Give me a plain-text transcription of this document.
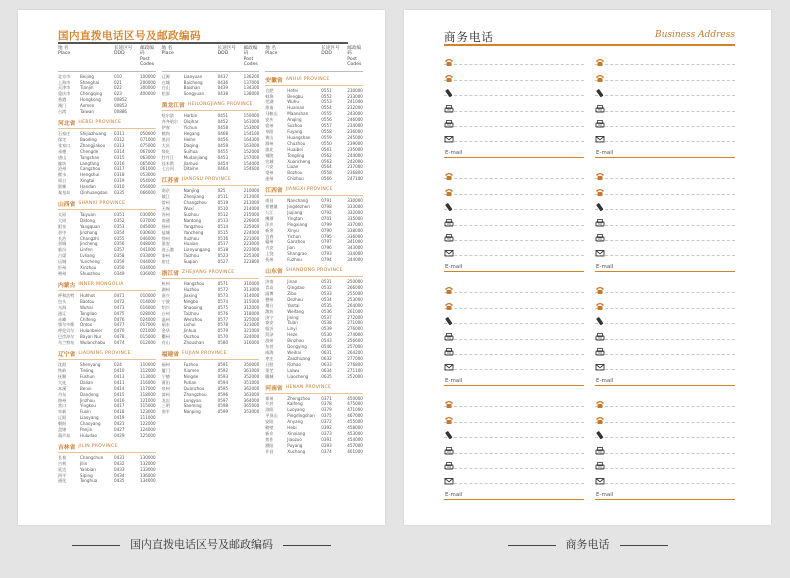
国内直拨电话区号及邮政编码
地 名
Place
长途区号
DDD
邮政编码
Post Codes
北京市	Beijing	010	100000
上海市	Shanghai	021	200000
天津市	Tianjin	022	300000
重庆市	Chongqing	023	400000
香港	Hongkong	00852
澳门	Aomen	00853
台湾	Taiwan	00886
河北省 HEBEI PROVINCE
石家庄	Shijiazhuang	0311	050000
保定	Baoding	0312	071000
张家口	Zhangjiakou	0313	075000
承德	Chengde	0314	067000
唐山	Tangshan	0315	063000
廊坊	Langfang	0316	065000
沧州	Cangzhou	0317	061000
衡水	Hengshui	0318	053000
邢台	Xingtai	0319	054000
邯郸	Handan	0310	056000
秦皇岛	Qinhuangdao	0335	066000
山西省 SHANXI PROVINCE
太原	Taiyuan	0351	030000
大同	Datong	0352	037000
阳泉	Yangquan	0353	045000
晋中	Jinzhong	0354	030600
长治	Changzhi	0355	046000
晋城	Jincheng	0356	048000
临汾	Linfen	0357	041000
吕梁	Lvliang	0358	033000
运城	Yuncheng	0359	044000
忻州	Xinzhou	0350	034000
朔州	Shuozhou	0349	036000
内蒙古 INNER MONGOLIA
呼和浩特	Huhhot	0471	010000
包头	Baotou	0472	014000
乌海	Wuhai	0473	016000
通辽	Tongliao	0475	028000
赤峰	Chifeng	0476	024000
鄂尔多斯	Ordos	0477	017000
呼伦贝尔	Hulunbeier	0470	021000
巴彦淖尔	Bayan Nur	0478	015000
乌兰察布	Wulanchabu	0474	012000
辽宁省 LIAONING PROVINCE
沈阳	Shenyang	024	110000
铁岭	Tieling	0410	112000
抚顺	Fushun	0413	113000
大连	Dalian	0411	116000
本溪	Benxi	0414	117000
丹东	Dandong	0415	118000
锦州	Jinzhou	0416	121000
营口	Yingkou	0417	115000
阜新	Fuxin	0418	123000
辽阳	Liaoyang	0419	111000
朝阳	Chaoyang	0421	122000
盘锦	Panjin	0427	124000
葫芦岛	Huludao	0429	125000
吉林省 JILIN PROVINCE
长春	Changchun	0431	130000
吉林	Jilin	0432	132000
延边	Yanbian	0433	133000
四平	Siping	0434	136000
通化	Tonghua	0435	134000
地 名
Place
长途区号
DDD
邮政编码
Post Codes
辽源	Liaoyuan	0437	136200
白城	Baicheng	0436	137000
白山	Baishan	0439	134300
松原	Songyuan	0438	138000
黑龙江省 HEILONGJIANG PROVINCE
哈尔滨	Harbin	0451	150000
齐齐哈尔	Qiqihar	0452	161000
伊春	Yichun	0458	153000
鹤岗	Hegang	0468	154100
黑河	Heihe	0456	164300
大庆	Daqing	0459	163000
绥化	Suihua	0455	152000
牡丹江	Mudanjiang	0453	157000
佳木斯	Jiamusi	0454	154000
七台河	Qitaihe	0464	154600
江苏省 JIANGSU PROVINCE
南京	Nanjing	025	210000
镇江	Zhenjiang	0511	212000
常州	Changzhou	0519	213000
无锡	Wuxi	0510	214000
苏州	Suzhou	0512	215000
南通	Nantong	0513	226000
扬州	Yangzhou	0514	225000
盐城	Yancheng	0515	224000
徐州	Xuzhou	0516	221000
淮安	Huaian	0517	223000
连云港	Lianyungang	0518	222000
泰州	Taizhou	0523	225300
宿迁	Suqian	0527	223800
浙江省 ZHEJIANG PROVINCE
杭州	Hangzhou	0571	310000
湖州	Huzhou	0572	313000
嘉兴	Jiaxing	0573	314000
宁波	Ningbo	0574	315000
绍兴	Shaoxing	0575	312000
台州	Taizhou	0576	318000
温州	Wenzhou	0577	325000
丽水	Lishui	0578	323000
金华	Jinhua	0579	321000
衢州	Quzhou	0570	324000
舟山	Zhoushan	0580	316000
福建省 FUJIAN PROVINCE
福州	Fuzhou	0591	350000
厦门	Xiamen	0592	361000
宁德	Ningde	0593	352000
莆田	Putian	0594	351000
泉州	Quanzhou	0595	362000
漳州	Zhangzhou	0596	363000
龙岩	Longyan	0597	364000
三明	Sanming	0598	365000
南平	Nanping	0599	353000
地 名
Place
长途区号
DDD
邮政编码
Post Codes
安徽省 ANHUI PROVINCE
合肥	Hefei	0551	230000
蚌埠	Bengbu	0552	233000
芜湖	Wuhu	0553	241000
淮南	Huainan	0554	232000
马鞍山	Maanshan	0555	243000
安庆	Anqing	0556	246000
宿州	Suzhou	0557	234000
阜阳	Fuyang	0558	236000
黄山	Huangshan	0559	245000
滁州	Chuzhou	0550	239000
淮北	Huaibei	0561	235000
铜陵	Tongling	0562	244000
宣城	Xuancheng	0563	242000
六安	Liuan	0564	237000
亳州	Bozhou	0558	236800
池州	Chizhou	0566	247100
江西省 JIANGXI PROVINCE
南昌	Nanchang	0791	330000
景德镇	Jingdezhen	0798	333000
九江	Jiujiang	0792	332000
鹰潭	Yingtan	0701	335000
萍乡	Pingxiang	0799	337000
新余	Xinyu	0790	338000
宜春	Yichun	0795	336000
赣州	Ganzhou	0797	341000
吉安	Jian	0796	343000
上饶	Shangrao	0793	334000
抚州	Fuzhou	0794	344000
山东省 SHANDONG PROVINCE
济南	Jinan	0531	250000
青岛	Qingdao	0532	266000
淄博	Zibo	0533	255000
德州	Dezhou	0534	253000
烟台	Yantai	0535	264000
潍坊	Weifang	0536	261000
济宁	Jining	0537	272000
泰安	Taian	0538	271000
临沂	Linyi	0539	276000
菏泽	Heze	0530	274000
滨州	Binzhou	0543	256600
东营	Dongying	0546	257000
威海	Weihai	0631	264200
枣庄	Zaozhuang	0632	277000
日照	Rizhao	0633	276800
莱芜	Laiwu	0634	271100
聊城	Liaocheng	0635	252000
河南省 HENAN PROVINCE
郑州	Zhengzhou	0371	450000
开封	Kaifeng	0378	475000
洛阳	Luoyang	0379	471000
平顶山	Pingdingshan	0375	467000
安阳	Anyang	0372	455000
鹤壁	Hebi	0392	458000
新乡	Xinxiang	0373	453000
焦作	Jiaozuo	0391	454000
濮阳	Puyang	0393	457000
许昌	Xuchang	0374	461000
商务电话	Business Address
E-mail
E-mail
E-mail
E-mail
E-mail
E-mail
E-mail
E-mail
国内直拨电话区号及邮政编码	商务电话
